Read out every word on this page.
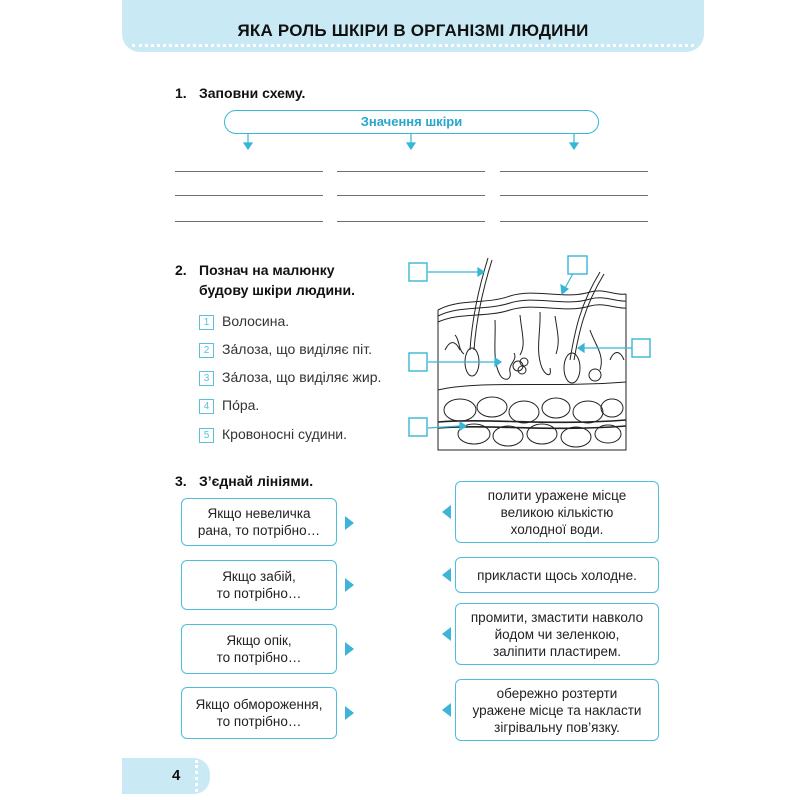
ЯКА РОЛЬ ШКІРИ В ОРГАНІЗМІ ЛЮДИНИ
1. Заповни схему.
Значення шкіри
2. Познач на малюнку
будову шкіри людини.
1 Волосина.
2 За́лоза, що виділяє піт.
3 За́лоза, що виділяє жир.
4 По́ра.
5 Кровоносні судини.
3. З’єднай лініями.
Якщо невеличка
рана, то потрібно…
Якщо забій,
то потрібно…
Якщо опік,
то потрібно…
Якщо обмороження,
то потрібно…
полити уражене місце
великою кількістю
холодної води.
прикласти щось холодне.
промити, змастити навколо
йодом чи зеленкою,
заліпити пластирем.
обережно розтерти
уражене місце та накласти
зігрівальну пов’язку.
4
